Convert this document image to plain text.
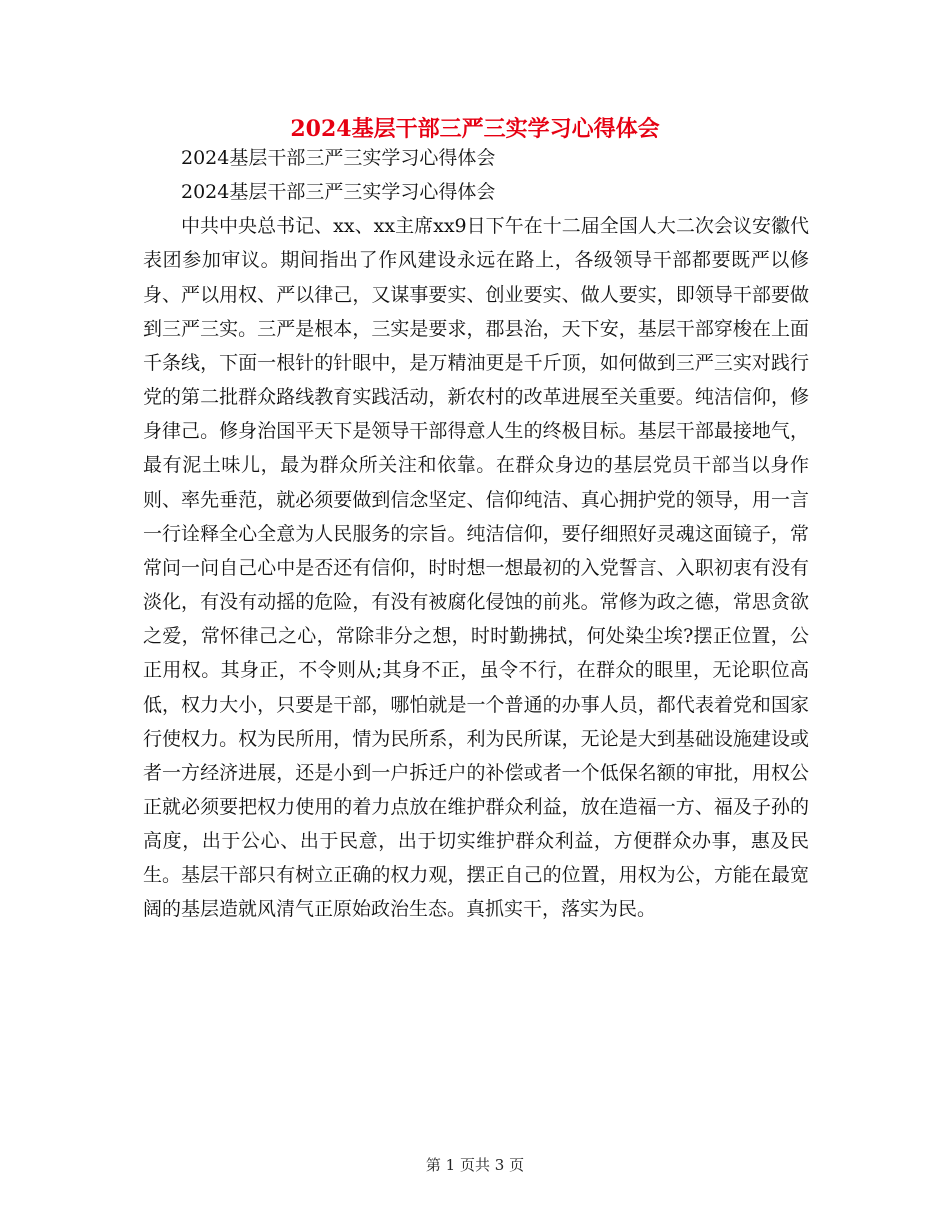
2024基层干部三严三实学习心得体会

2024基层干部三严三实学习心得体会

2024基层干部三严三实学习心得体会

中共中央总书记、xx、xx主席xx9日下午在十二届全国人大二次会议安徽代表团参加审议。期间指出了作风建设永远在路上，各级领导干部都要既严以修身、严以用权、严以律己，又谋事要实、创业要实、做人要实，即领导干部要做到三严三实。三严是根本，三实是要求，郡县治，天下安，基层干部穿梭在上面千条线，下面一根针的针眼中，是万精油更是千斤顶，如何做到三严三实对践行党的第二批群众路线教育实践活动，新农村的改革进展至关重要。纯洁信仰，修身律己。修身治国平天下是领导干部得意人生的终极目标。基层干部最接地气，最有泥土味儿，最为群众所关注和依靠。在群众身边的基层党员干部当以身作则、率先垂范，就必须要做到信念坚定、信仰纯洁、真心拥护党的领导，用一言一行诠释全心全意为人民服务的宗旨。纯洁信仰，要仔细照好灵魂这面镜子，常常问一问自己心中是否还有信仰，时时想一想最初的入党誓言、入职初衷有没有淡化，有没有动摇的危险，有没有被腐化侵蚀的前兆。常修为政之德，常思贪欲之爱，常怀律己之心，常除非分之想，时时勤拂拭，何处染尘埃?摆正位置，公正用权。其身正，不令则从;其身不正，虽令不行，在群众的眼里，无论职位高低，权力大小，只要是干部，哪怕就是一个普通的办事人员，都代表着党和国家行使权力。权为民所用，情为民所系，利为民所谋，无论是大到基础设施建设或者一方经济进展，还是小到一户拆迁户的补偿或者一个低保名额的审批，用权公正就必须要把权力使用的着力点放在维护群众利益，放在造福一方、福及子孙的高度，出于公心、出于民意，出于切实维护群众利益，方便群众办事，惠及民生。基层干部只有树立正确的权力观，摆正自己的位置，用权为公，方能在最宽阔的基层造就风清气正原始政治生态。真抓实干，落实为民。

第 1 页共 3 页
